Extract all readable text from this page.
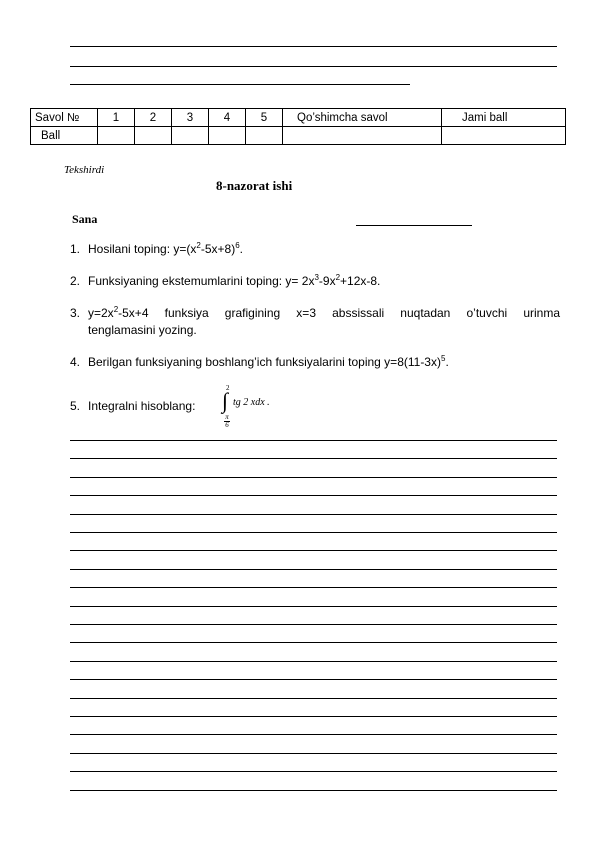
Savol №	1	2	3	4	5	Qo’shimcha savol	Jami ball
Ball							
Tekshirdi
8-nazorat ishi
Sana
1. Hosilani toping: $y=(x^2-5x+8)^6$.
2. Funksiyaning ekstemumlarini toping: $y= 2x^3-9x^2+12x-8$.
3. $y=2x^2-5x+4$ funksiya grafigining x=3 abssissali nuqtadan o’tuvchi urinma
tenglamasini yozing.
4. Berilgan funksiyaning boshlang’ich funksiyalarini toping $y=8(11-3x)^5$.
5. Integralni hisoblang:
2
∫
π
6
tg 2 xdx .
